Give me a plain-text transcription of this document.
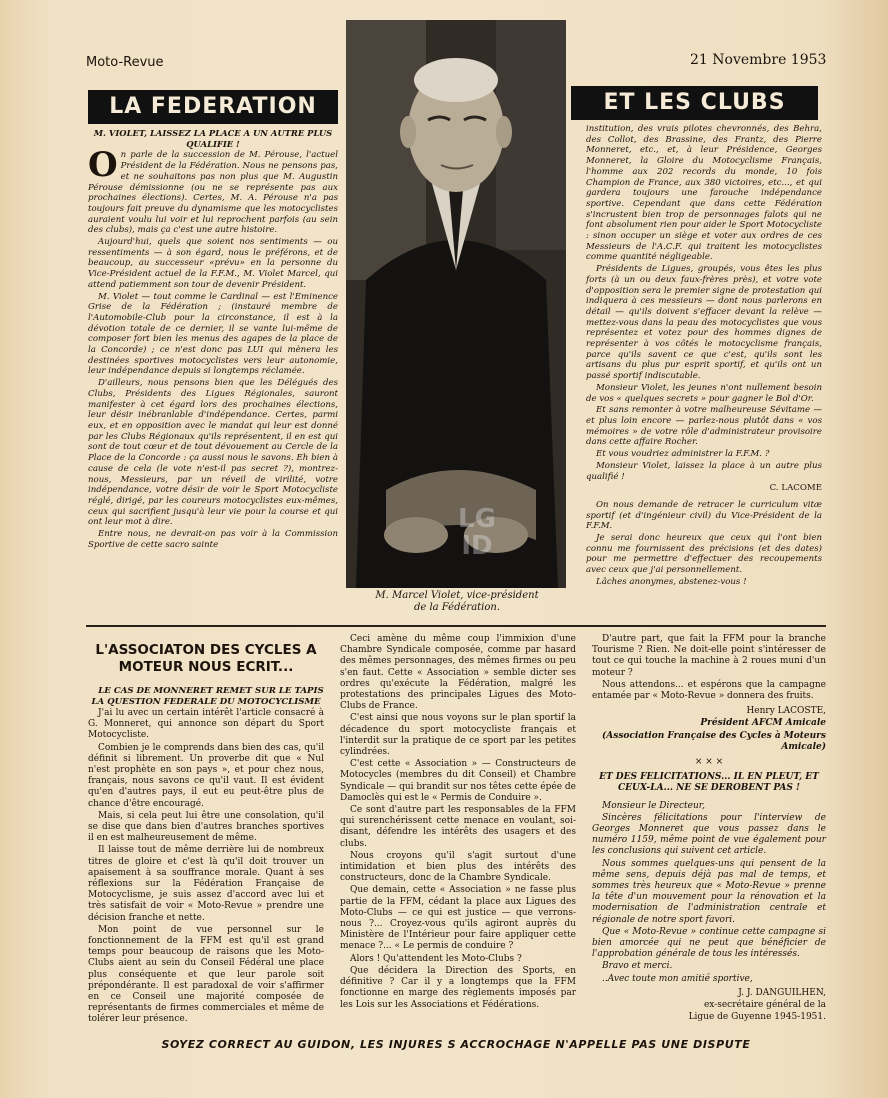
Moto-Revue	21 Novembre 1953
LA FEDERATION	ET LES CLUBS

M. VIOLET, LAISSEZ LA PLACE A UN AUTRE PLUS QUALIFIE !

On parle de la succession de M. Pérouse, l'actuel Président de la Fédération. Nous ne pensons pas, et ne souhaitons pas non plus que M. Augustin Pérouse démissionne (ou ne se représente pas aux prochaines élections). Certes, M. A. Pérouse n'a pas toujours fait preuve du dynamisme que les motocyclistes auraient voulu lui voir et lui reprochent parfois (au sein des clubs), mais ça c'est une autre histoire.

Aujourd'hui, quels que soient nos sentiments — ou ressentiments — à son égard, nous le préférons, et de beaucoup, au successeur «prévu» en la personne du Vice-Président actuel de la F.F.M., M. Violet Marcel, qui attend patiemment son tour de devenir Président.

M. Violet — tout comme le Cardinal — est l'Eminence Grise de la Fédération ; (instauré membre de l'Automobile-Club pour la circonstance, il est à la dévotion totale de ce dernier, il se vante lui-même de composer fort bien les menus des agapes de la place de la Concorde) ; ce n'est donc pas LUI qui mènera les destinées sportives motocyclistes vers leur autonomie, leur indépendance depuis si longtemps réclamée.

D'ailleurs, nous pensons bien que les Délégués des Clubs, Présidents des Ligues Régionales, sauront manifester à cet égard lors des prochaines élections, leur désir inébranlable d'indépendance. Certes, parmi eux, et en opposition avec le mandat qui leur est donné par les Clubs Régionaux qu'ils représentent, il en est qui sont de tout cœur et de tout dévouement au Cercle de la Place de la Concorde : ça aussi nous le savons. Eh bien à cause de cela (le vote n'est-il pas secret ?), montrez-nous, Messieurs, par un réveil de virilité, votre indépendance, votre désir de voir le Sport Motocycliste réglé, dirigé, par les coureurs motocyclistes eux-mêmes, ceux qui sacrifient jusqu'à leur vie pour la course et qui ont leur mot à dire.

Entre nous, ne devrait-on pas voir à la Commission Sportive de cette sacro sainte

LG ID
M. Marcel Violet, vice-président
de la Fédération.

institution, des vrais pilotes chevronnés, des Behra, des Collot, des Brassine, des Frantz, des Pierre Monneret, etc., et, à leur Présidence, Georges Monneret, la Gloire du Motocyclisme Français, l'homme aux 202 records du monde, 10 fois Champion de France, aux 380 victoires, etc..., et qui gardera toujours une farouche indépendance sportive. Cependant que dans cette Fédération s'incrustent bien trop de personnages falots qui ne font absolument rien pour aider le Sport Motocycliste : sinon occuper un siège et voter aux ordres de ces Messieurs de l'A.C.F. qui traitent les motocyclistes comme quantité négligeable.

Présidents de Ligues, groupés, vous êtes les plus forts (à un ou deux faux-frères près), et votre vote d'opposition sera le premier signe de protestation qui indiquera à ces messieurs — dont nous parlerons en détail — qu'ils doivent s'effacer devant la relève — mettez-vous dans la peau des motocyclistes que vous représentez et votez pour des hommes dignes de représenter à vos côtés le motocyclisme français, parce qu'ils savent ce que c'est, qu'ils sont les artisans du plus pur esprit sportif, et qu'ils ont un passé sportif indiscutable.

Monsieur Violet, les jeunes n'ont nullement besoin de vos « quelques secrets » pour gagner le Bol d'Or.

Et sans remonter à votre malheureuse Sévitame — et plus loin encore — parlez-nous plutôt dans « vos mémoires » de votre rôle d'administrateur provisoire dans cette affaire Rocher.

Et vous voudriez administrer la F.F.M. ?

Monsieur Violet, laissez la place à un autre plus qualifié !

C. LACOME

On nous demande de retracer le curriculum vitæ sportif (et d'ingénieur civil) du Vice-Président de la F.F.M.

Je serai donc heureux que ceux qui l'ont bien connu me fournissent des précisions (et des dates) pour me permettre d'effectuer des recoupements avec ceux que j'ai personnellement.

Lâches anonymes, abstenez-vous !

L'ASSOCIATON DES CYCLES A MOTEUR NOUS ECRIT...

LE CAS DE MONNERET REMET SUR LE TAPIS LA QUESTION FEDERALE DU MOTOCYCLISME

J'ai lu avec un certain intérêt l'article consacré à G. Monneret, qui annonce son départ du Sport Motocycliste.

Combien je le comprends dans bien des cas, qu'il définit si librement. Un proverbe dit que « Nul n'est prophète en son pays », et pour chez nous, français, nous savons ce qu'il vaut. Il est évident qu'en d'autres pays, il eut eu peut-être plus de chance d'être encouragé.

Mais, si cela peut lui être une consolation, qu'il se dise que dans bien d'autres branches sportives il en est malheureusement de même.

Il laisse tout de même derrière lui de nombreux titres de gloire et c'est là qu'il doit trouver un apaisement à sa souffrance morale. Quant à ses réflexions sur la Fédération Française de Motocyclisme, je suis assez d'accord avec lui et très satisfait de voir « Moto-Revue » prendre une décision franche et nette.

Mon point de vue personnel sur le fonctionnement de la FFM est qu'il est grand temps pour beaucoup de raisons que les Moto-Clubs aient au sein du Conseil Fédéral une place plus conséquente et que leur parole soit prépondérante. Il est paradoxal de voir s'affirmer en ce Conseil une majorité composée de représentants de firmes commerciales et même de tolérer leur présence.

Ceci amène du même coup l'immixion d'une Chambre Syndicale composée, comme par hasard des mêmes personnages, des mêmes firmes ou peu s'en faut. Cette « Association » semble dicter ses ordres qu'exécute la Fédération, malgré les protestations des principales Ligues des Moto-Clubs de France.

C'est ainsi que nous voyons sur le plan sportif la décadence du sport motocycliste français et l'interdit sur la pratique de ce sport par les petites cylindrées.

C'est cette « Association » — Constructeurs de Motocycles (membres du dit Conseil) et Chambre Syndicale — qui brandit sur nos têtes cette épée de Damoclès qui est le « Permis de Conduire ».

Ce sont d'autre part les responsables de la FFM qui surenchérissent cette menace en voulant, soi-disant, défendre les intérêts des usagers et des clubs.

Nous croyons qu'il s'agit surtout d'une intimidation et bien plus des intérêts des constructeurs, donc de la Chambre Syndicale.

Que demain, cette « Association » ne fasse plus partie de la FFM, cédant la place aux Ligues des Moto-Clubs — ce qui est justice — que verrons-nous ?... Croyez-vous qu'ils agiront auprès du Ministère de l'Intérieur pour faire appliquer cette menace ?... « Le permis de conduire ?

Alors ! Qu'attendent les Moto-Clubs ?

Que décidera la Direction des Sports, en définitive ? Car il y a longtemps que la FFM fonctionne en marge des règlements imposés par les Lois sur les Associations et Fédérations.

D'autre part, que fait la FFM pour la branche Tourisme ? Rien. Ne doit-elle point s'intéresser de tout ce qui touche la machine à 2 roues muni d'un moteur ?

Nous attendons... et espérons que la campagne entamée par « Moto-Revue » donnera des fruits.

Henry LACOSTE,

Président AFCM Amicale

(Association Française des Cycles à Moteurs Amicale)

× × ×

ET DES FELICITATIONS... IL EN PLEUT, ET CEUX-LA... NE SE DEROBENT PAS !

Monsieur le Directeur,

Sincères félicitations pour l'interview de Georges Monneret que vous passez dans le numéro 1159, même point de vue également pour les conclusions qui suivent cet article.

Nous sommes quelques-uns qui pensent de la même sens, depuis déjà pas mal de temps, et sommes très heureux que « Moto-Revue » prenne la tête d'un mouvement pour la rénovation et la modernisation de l'administration centrale et régionale de notre sport favori.

Que « Moto-Revue » continue cette campagne si bien amorcée qui ne peut que bénéficier de l'approbation générale de tous les intéressés.

Bravo et merci.

..Avec toute mon amitié sportive,

J. J. DANGUILHEN,

ex-secrétaire général de la

Ligue de Guyenne 1945-1951.

SOYEZ CORRECT AU GUIDON, LES INJURES S ACCROCHAGE N'APPELLE PAS UNE DISPUTE
